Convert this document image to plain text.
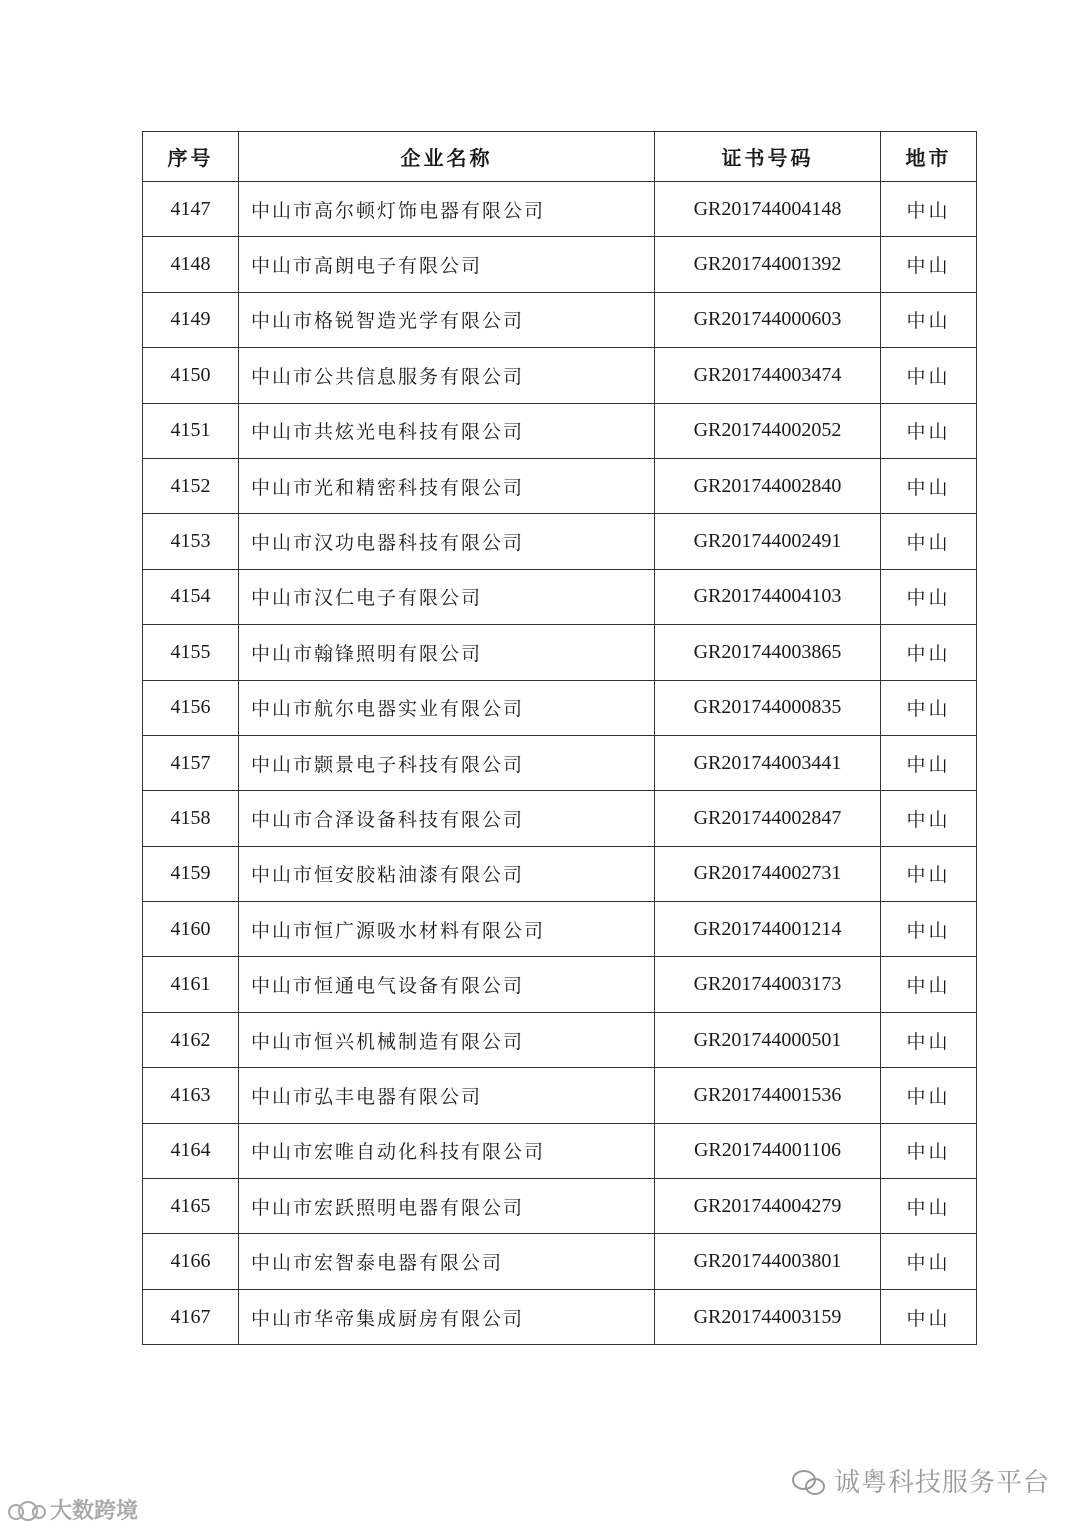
序号	企业名称	证书号码	地市
4147	中山市高尔顿灯饰电器有限公司	GR201744004148	中山
4148	中山市高朗电子有限公司	GR201744001392	中山
4149	中山市格锐智造光学有限公司	GR201744000603	中山
4150	中山市公共信息服务有限公司	GR201744003474	中山
4151	中山市共炫光电科技有限公司	GR201744002052	中山
4152	中山市光和精密科技有限公司	GR201744002840	中山
4153	中山市汉功电器科技有限公司	GR201744002491	中山
4154	中山市汉仁电子有限公司	GR201744004103	中山
4155	中山市翰锋照明有限公司	GR201744003865	中山
4156	中山市航尔电器实业有限公司	GR201744000835	中山
4157	中山市颢景电子科技有限公司	GR201744003441	中山
4158	中山市合泽设备科技有限公司	GR201744002847	中山
4159	中山市恒安胶粘油漆有限公司	GR201744002731	中山
4160	中山市恒广源吸水材料有限公司	GR201744001214	中山
4161	中山市恒通电气设备有限公司	GR201744003173	中山
4162	中山市恒兴机械制造有限公司	GR201744000501	中山
4163	中山市弘丰电器有限公司	GR201744001536	中山
4164	中山市宏唯自动化科技有限公司	GR201744001106	中山
4165	中山市宏跃照明电器有限公司	GR201744004279	中山
4166	中山市宏智泰电器有限公司	GR201744003801	中山
4167	中山市华帝集成厨房有限公司	GR201744003159	中山
诚粤科技服务平台
大数跨境
